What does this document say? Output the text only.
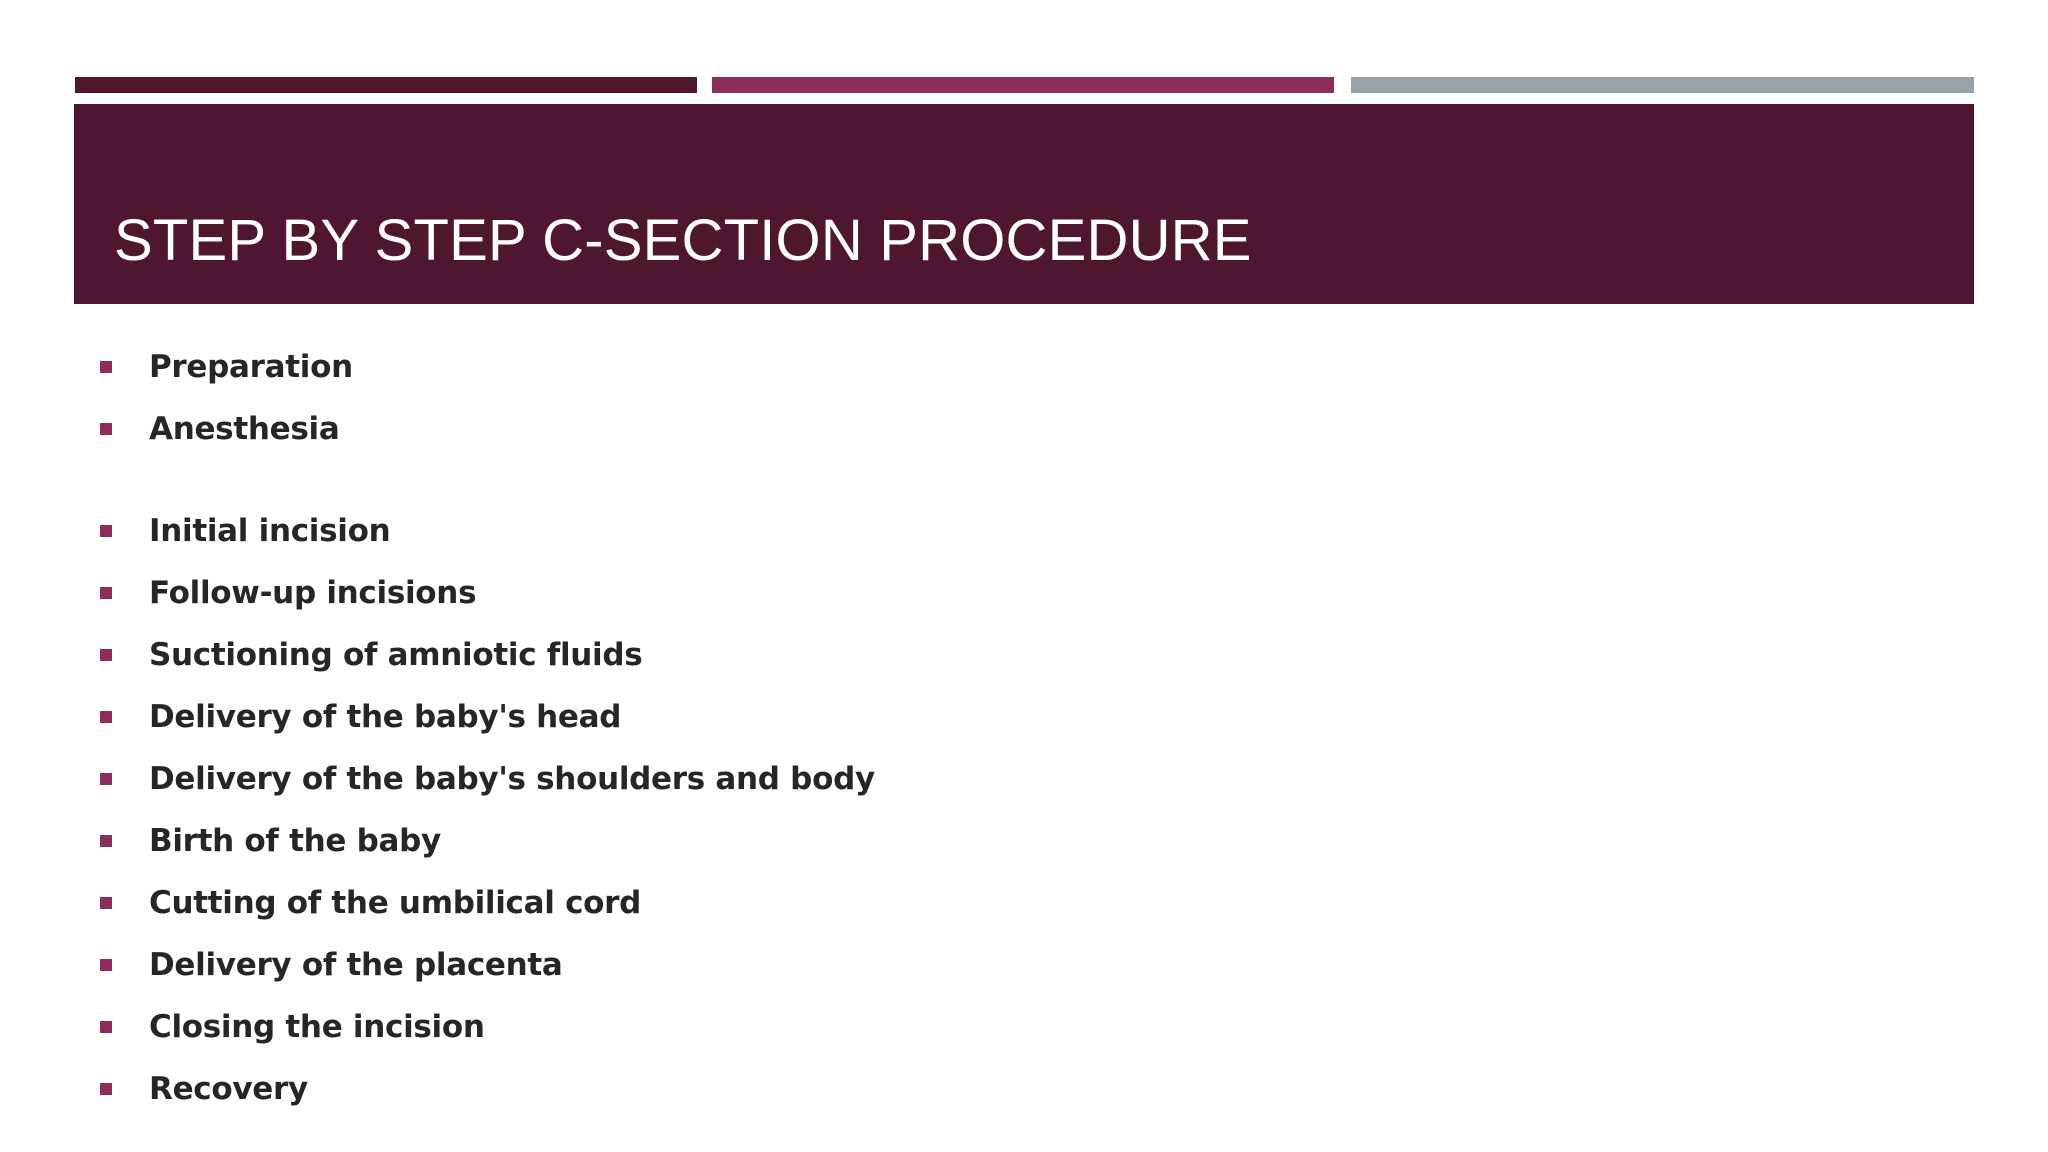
STEP BY STEP C-SECTION PROCEDURE
Preparation
Anesthesia
Initial incision
Follow-up incisions
Suctioning of amniotic fluids
Delivery of the baby's head
Delivery of the baby's shoulders and body
Birth of the baby
Cutting of the umbilical cord
Delivery of the placenta
Closing the incision
Recovery
